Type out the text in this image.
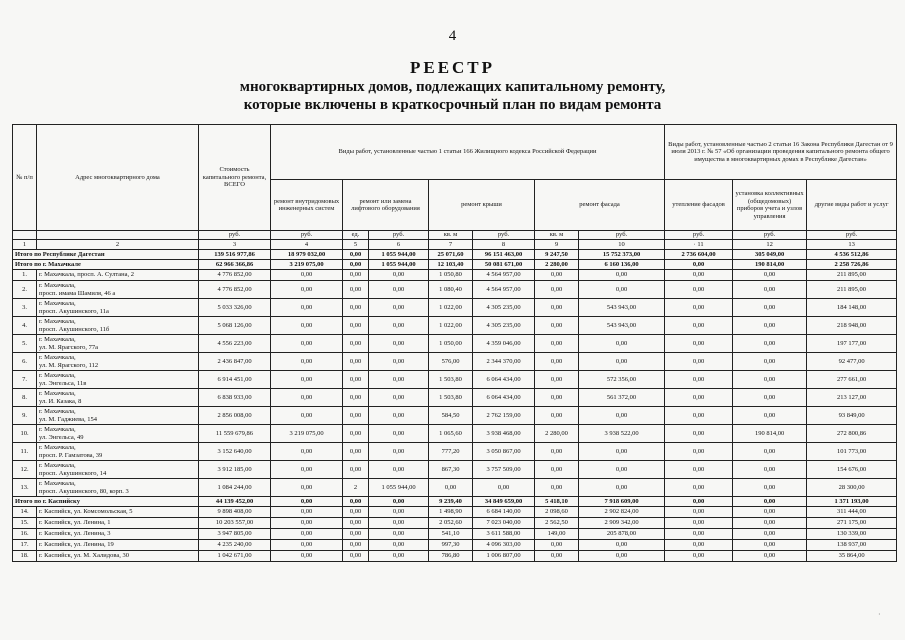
4
РЕЕСТР
многоквартирных домов, подлежащих капитальному ремонту,
которые включены в краткосрочный план по видам ремонта
№ п/п	Адрес многоквартирного дома	Стоимость капитального ремонта, ВСЕГО	Виды работ, установленные частью 1 статьи 166 Жилищного кодекса Российской Федерации							Виды работ, установленные частью 2 статьи 16 Закона Республики Дагестан от 9 июля 2013 г. № 57 «Об организации проведения капитального ремонта общего имущества в многоквартирных домах в Республике Дагестан»		
			ремонт внутридомовых инженерных систем	ремонт или замена лифтового оборудования		ремонт крыши		ремонт фасада		утепление фасадов	установка коллективных (общедомовых) приборов учета и узлов управления	другие виды работ и услуг
		руб.	руб.	ед.	руб.	кв. м	руб.	кв. м	руб.	руб.	руб.	руб.
1	2	3	4	5	6	7	8	9	10	· 11	12	13
Итого по Республике Дагестан		139 516 977,86	18 979 032,00	0,00	1 055 944,00	25 071,60	96 151 463,00	9 247,50	15 752 373,00	2 736 604,00	305 049,00	4 536 512,86
Итого по г. Махачкале		62 966 366,86	3 219 075,00	0,00	1 055 944,00	12 103,40	50 081 671,00	2 280,00	6 160 136,00	0,00	190 814,00	2 258 726,86
1.	г. Махачкала, просп. А. Султана, 2	4 776 852,00	0,00	0,00	0,00	1 050,80	4 564 957,00	0,00	0,00	0,00	0,00	211 895,00
2.	г. Махачкала,
просп. имама Шамиля, 46 а	4 776 852,00	0,00	0,00	0,00	1 080,40	4 564 957,00	0,00	0,00	0,00	0,00	211 895,00
3.	г. Махачкала,
просп. Акушинского, 11а	5 033 326,00	0,00	0,00	0,00	1 022,00	4 305 235,00	0,00	543 943,00	0,00	0,00	184 148,00
4.	г. Махачкала,
просп. Акушинского, 11б	5 068 126,00	0,00	0,00	0,00	1 022,00	4 305 235,00	0,00	543 943,00	0,00	0,00	218 948,00
5.	г. Махачкала,
ул. М. Ярагского, 77а	4 556 223,00	0,00	0,00	0,00	1 050,00	4 359 046,00	0,00	0,00	0,00	0,00	197 177,00
6.	г. Махачкала,
ул. М. Ярагского, 112	2 436 847,00	0,00	0,00	0,00	576,00	2 344 370,00	0,00	0,00	0,00	0,00	92 477,00
7.	г. Махачкала,
ул. Энгельса, 11в	6 914 451,00	0,00	0,00	0,00	1 503,80	6 064 434,00	0,00	572 356,00	0,00	0,00	277 661,00
8.	г. Махачкала,
ул. И. Казака, 8	6 838 933,00	0,00	0,00	0,00	1 503,80	6 064 434,00	0,00	561 372,00	0,00	0,00	213 127,00
9.	г. Махачкала,
ул. М. Гаджиева, 154	2 856 008,00	0,00	0,00	0,00	584,50	2 762 159,00	0,00	0,00	0,00	0,00	93 849,00
10.	г. Махачкала,
ул. Энгельса, 49	11 559 679,86	3 219 075,00	0,00	0,00	1 065,60	3 938 468,00	2 280,00	3 938 522,00	0,00	190 814,00	272 800,86
11.	г. Махачкала,
просп. Р. Гамзатова, 39	3 152 640,00	0,00	0,00	0,00	777,20	3 050 867,00	0,00	0,00	0,00	0,00	101 773,00
12.	г. Махачкала,
просп. Акушинского, 14	3 912 185,00	0,00	0,00	0,00	867,30	3 757 509,00	0,00	0,00	0,00	0,00	154 676,00
13.	г. Махачкала,
просп. Акушинского, 80, корп. 3	1 084 244,00	0,00	2	1 055 944,00	0,00	0,00	0,00	0,00	0,00	0,00	28 300,00
Итого по г. Каспийску		44 139 452,00	0,00	0,00	0,00	9 239,40	34 849 659,00	5 418,10	7 918 609,00	0,00	0,00	1 371 193,00
14.	г. Каспийск, ул. Комсомольская, 5	9 898 408,00	0,00	0,00	0,00	1 498,90	6 684 140,00	2 098,60	2 902 824,00	0,00	0,00	311 444,00
15.	г. Каспийск, ул. Ленина, 1	10 203 557,00	0,00	0,00	0,00	2 052,60	7 023 040,00	2 562,50	2 909 342,00	0,00	0,00	271 175,00
16.	г. Каспийск, ул. Ленина, 3	3 947 805,00	0,00	0,00	0,00	541,10	3 611 588,00	149,00	205 878,00	0,00	0,00	130 339,00
17.	г. Каспийск, ул. Ленина, 19	4 235 240,00	0,00	0,00	0,00	997,30	4 096 303,00	0,00	0,00	0,00	0,00	138 937,00
18.	г. Каспийск, ул. М. Халидова, 30	1 042 671,00	0,00	0,00	0,00	786,80	1 006 807,00	0,00	0,00	0,00	0,00	35 864,00
·
